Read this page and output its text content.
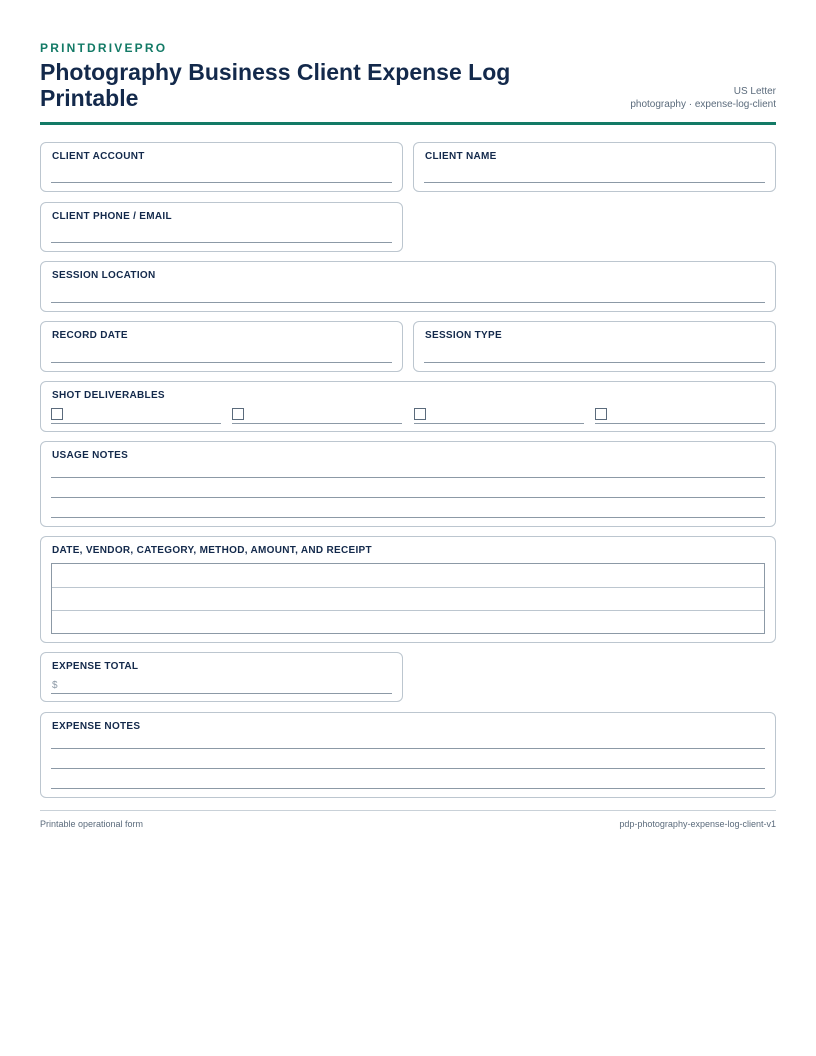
PRINTDRIVEPRO
Photography Business Client Expense Log Printable	US Letter
photography · expense-log-client
CLIENT ACCOUNT	CLIENT NAME
CLIENT PHONE / EMAIL
SESSION LOCATION
RECORD DATE	SESSION TYPE
SHOT DELIVERABLES
USAGE NOTES
DATE, VENDOR, CATEGORY, METHOD, AMOUNT, AND RECEIPT
EXPENSE TOTAL
$
EXPENSE NOTES
Printable operational form	pdp-photography-expense-log-client-v1
